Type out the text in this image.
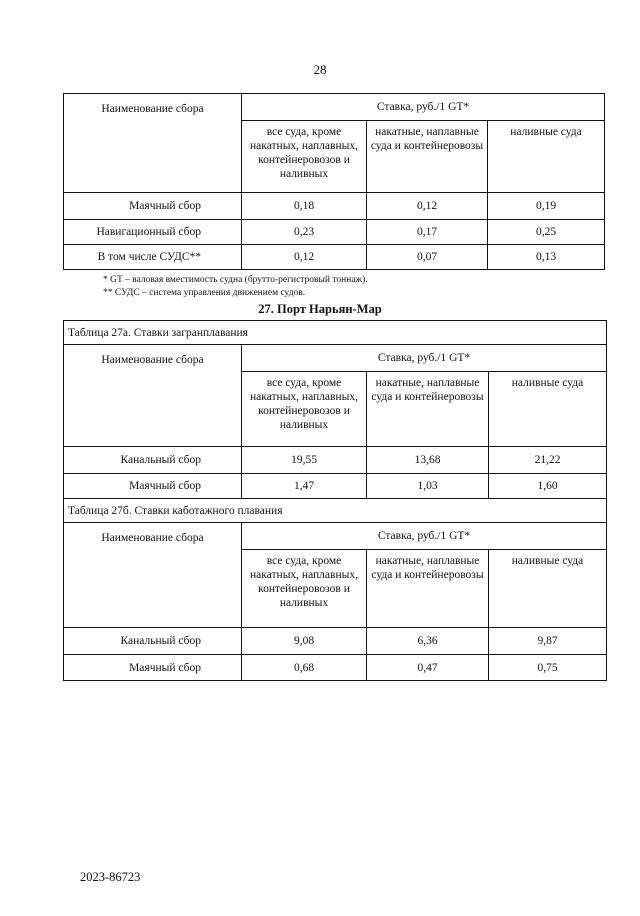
28
Наименование сбора	Ставка, руб./1 GT*		
	все суда, кроме накатных, наплавных, контейнеровозов и наливных	накатные, наплавные суда и контейнеровозы	наливные суда
Маячный сбор	0,18	0,12	0,19
Навигационный сбор	0,23	0,17	0,25
В том числе СУДС**	0,12	0,07	0,13
* GT – валовая вместимость судна (брутто-регистровый тоннаж).
** СУДС – система управления движением судов.
27. Порт Нарьян-Мар
Таблица 27а. Ставки загранплавания			
Наименование сбора	Ставка, руб./1 GT*		
	все суда, кроме накатных, наплавных, контейнеровозов и наливных	накатные, наплавные суда и контейнеровозы	наливные суда
Канальный сбор	19,55	13,68	21,22
Маячный сбор	1,47	1,03	1,60
Таблица 27б. Ставки каботажного плавания			
Наименование сбора	Ставка, руб./1 GT*		
	все суда, кроме накатных, наплавных, контейнеровозов и наливных	накатные, наплавные суда и контейнеровозы	наливные суда
Канальный сбор	9,08	6,36	9,87
Маячный сбор	0,68	0,47	0,75
2023-86723
